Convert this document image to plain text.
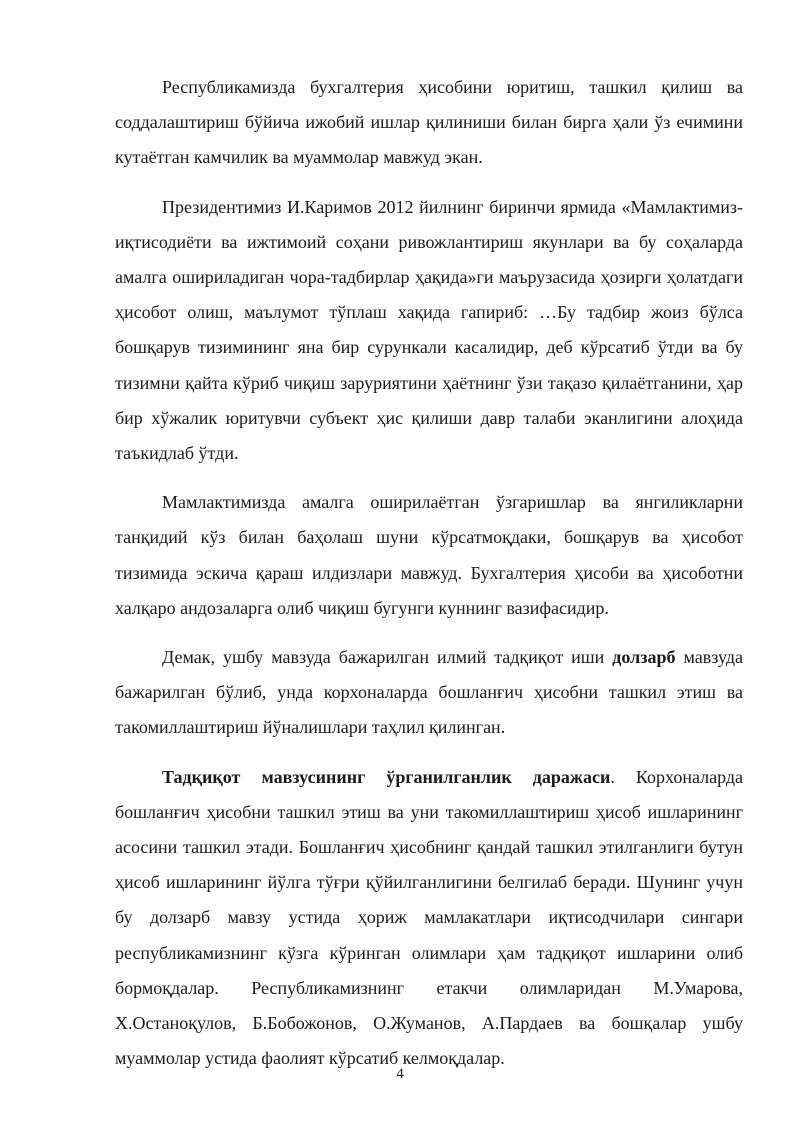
Республикамизда бухгалтерия ҳисобини юритиш, ташкил қилиш ва соддалаштириш бўйича ижобий ишлар қилиниши билан бирга ҳали ўз ечимини кутаётган камчилик ва муаммолар мавжуд экан.

Президентимиз И.Каримов 2012 йилнинг биринчи ярмида «Мамлактимиз- иқтисодиёти ва ижтимоий соҳани ривожлантириш якунлари ва бу соҳаларда амалга ошириладиган чора-тадбирлар ҳақида»ги маърузасида ҳозирги ҳолатдаги ҳисобот олиш, маълумот тўплаш хақида гапириб: …Бу тадбир жоиз бўлса бошқарув тизимининг яна бир сурункали касалидир, деб кўрсатиб ўтди ва бу тизимни қайта кўриб чиқиш заруриятини ҳаётнинг ўзи тақазо қилаётганини, ҳар бир хўжалик юритувчи субъект ҳис қилиши давр талаби эканлигини алоҳида таъкидлаб ўтди.

Мамлактимизда амалга оширилаётган ўзгаришлар ва янгиликларни танқидий кўз билан баҳолаш шуни кўрсатмоқдаки, бошқарув ва ҳисобот тизимида эскича қараш илдизлари мавжуд. Бухгалтерия ҳисоби ва ҳисоботни халқаро андозаларга олиб чиқиш бугунги куннинг вазифасидир.

Демак, ушбу мавзуда бажарилган илмий тадқиқот иши долзарб мавзуда бажарилган бўлиб, унда корхоналарда бошланғич ҳисобни ташкил этиш ва такомиллаштириш йўналишлари таҳлил қилинган.

Тадқиқот мавзусининг ўрганилганлик даражаси. Корхоналарда бошланғич ҳисобни ташкил этиш ва уни такомиллаштириш ҳисоб ишларининг асосини ташкил этади. Бошланғич ҳисобнинг қандай ташкил этилганлиги бутун ҳисоб ишларининг йўлга тўғри қўйилганлигини белгилаб беради. Шунинг учун бу долзарб мавзу устида ҳориж мамлакатлари иқтисодчилари сингари республикамизнинг кўзга кўринган олимлари ҳам тадқиқот ишларини олиб бормоқдалар. Республикамизнинг етакчи олимларидан М.Умарова, Х.Останоқулов, Б.Бобожонов, О.Жуманов, А.Пардаев ва бошқалар ушбу муаммолар устида фаолият кўрсатиб келмоқдалар.

4
